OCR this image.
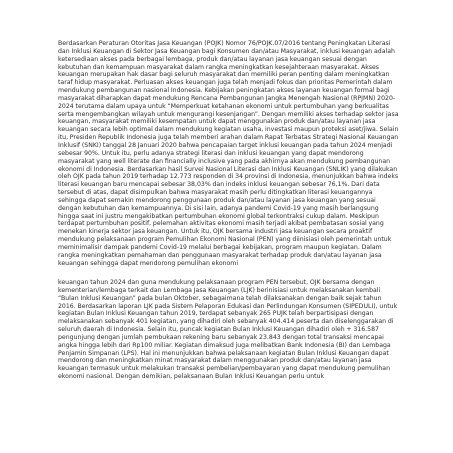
Berdasarkan Peraturan Otoritas Jasa Keuangan (POJK) Nomor 76/POJK.07/2016 tentang Peningkatan Literasi dan Inklusi Keuangan di Sektor Jasa Keuangan bagi Konsumen dan/atau Masyarakat, inklusi keuangan adalah ketersediaan akses pada berbagai lembaga, produk dan/atau layanan jasa keuangan sesuai dengan kebutuhan dan kemampuan masyarakat dalam rangka meningkatkan kesejahteraan masyarakat. Akses keuangan merupakan hak dasar bagi seluruh masyarakat dan memiliki peran penting dalam meningkatkan taraf hidup masyarakat. Perluasan akses keuangan juga telah menjadi fokus dan prioritas Pemerintah dalam mendukung pembangunan nasional Indonesia. Kebijakan peningkatan akses layanan keuangan formal bagi masyarakat diharapkan dapat mendukung Rencana Pembangunan Jangka Menengah Nasional (RPJMN) 2020-2024 terutama dalam upaya untuk “Memperkuat ketahanan ekonomi untuk pertumbuhan yang berkualitas serta mengembangkan wilayah untuk mengurangi kesenjangan”. Dengan memiliki akses terhadap sektor jasa keuangan, masyarakat memiliki kesempatan untuk dapat menggunakan produk dan/atau layanan jasa keuangan secara lebih optimal dalam mendukung kegiatan usaha, investasi maupun proteksi aset/jiwa. Selain itu, Presiden Republik Indonesia juga telah memberi arahan dalam Rapat Terbatas Strategi Nasional Keuangan Inklusif (SNKI) tanggal 28 Januari 2020 bahwa pencapaian target inklusi keuangan pada tahun 2024 menjadi sebesar 90%. Untuk itu, perlu adanya strategi literasi dan inklusi keuangan yang dapat mendorong masyarakat yang well literate dan financially inclusive yang pada akhirnya akan mendukung pembangunan ekonomi di Indonesia. Berdasarkan hasil Survei Nasional Literasi dan Inklusi Keuangan (SNLIK) yang dilakukan oleh OJK pada tahun 2019 terhadap 12.773 responden di 34 provinsi di Indonesia, menunjukkan bahwa indeks literasi keuangan baru mencapai sebesar 38,03% dan indeks inklusi keuangan sebesar 76,1%. Dari data tersebut di atas, dapat disimpulkan bahwa masyarakat masih perlu ditingkatkan literasi keuangannya sehingga dapat semakin mendorong penggunaan produk dan/atau layanan jasa keuangan yang sesuai dengan kebutuhan dan kemampuannya. Di sisi lain, adanya pandemi Covid-19 yang masih berlangsung hingga saat ini justru mengakibatkan pertumbuhan ekonomi global terkontraksi cukup dalam. Meskipun terdapat pertumbuhan positif, pelemahan aktivitas ekonomi masih terjadi akibat pembatasan sosial yang menekan kinerja sektor jasa keuangan. Untuk itu, OJK bersama industri jasa keuangan secara proaktif mendukung pelaksanaan program Pemulihan Ekonomi Nasional (PEN) yang diinisiasi oleh pemerintah untuk meminimalisir dampak pandemi Covid-19 melalui berbagai kebijakan, program maupun kegiatan. Dalam rangka meningkatkan pemahaman dan penggunaan masyarakat terhadap produk dan/atau layanan jasa keuangan sehingga dapat mendorong pemulihan ekonomi

keuangan tahun 2024 dan guna mendukung pelaksanaan program PEN tersebut, OJK bersama dengan kementerian/lembaga terkait dan Lembaga Jasa Keuangan (LJK) berinisiasi untuk melaksanakan kembali “Bulan Inklusi Keuangan” pada bulan Oktober, sebagaimana telah dilaksanakan dengan baik sejak tahun 2016. Berdasarkan laporan LJK pada Sistem Pelaporan Edukasi dan Perlindungan Konsumen (SIPEDULI), untuk kegiatan Bulan Inklusi Keuangan tahun 2019, terdapat sebanyak 265 PUJK telah berpartisipasi dengan melaksanakan sebanyak 401 kegiatan, yang dihadiri oleh sebanyak 404.414 peserta dan diselenggarakan di seluruh daerah di Indonesia. Selain itu, puncak kegiatan Bulan Inklusi Keuangan dihadiri oleh + 316.587 pengunjung dengan jumlah pembukaan rekening baru sebanyak 23.843 dengan total transaksi mencapai angka hingga lebih dari Rp100 miliar. Kegiatan dimaksud juga melibatkan Bank Indonesia (BI) dan Lembaga Penjamin Simpanan (LPS). Hal ini menunjukkan bahwa pelaksanaan kegiatan Bulan Inklusi Keuangan dapat mendorong dan meningkatkan minat masyarakat dalam menggunakan produk dan/atau layanan jasa keuangan termasuk untuk melakukan transaksi pembelian/pembayaran yang dapat mendukung pemulihan ekonomi nasional. Dengan demikian, pelaksanaan Bulan Inklusi Keuangan perlu untuk
